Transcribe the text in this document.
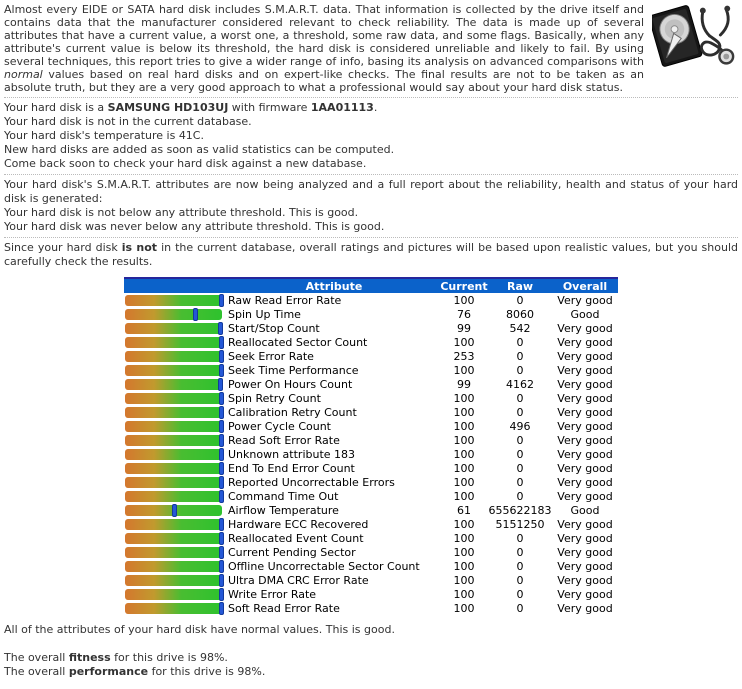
Almost every EIDE or SATA hard disk includes S.M.A.R.T. data. That information is collected by the drive itself and contains data that the manufacturer considered relevant to check reliability. The data is made up of several attributes that have a current value, a worst one, a threshold, some raw data, and some flags. Basically, when any attribute's current value is below its threshold, the hard disk is considered unreliable and likely to fail. By using several techniques, this report tries to give a wider range of info, basing its analysis on advanced comparisons with normal values based on real hard disks and on expert-like checks. The final results are not to be taken as an absolute truth, but they are a very good approach to what a professional would say about your hard disk status.

Your hard disk is a SAMSUNG HD103UJ with firmware 1AA01113.

Your hard disk is not in the current database.

Your hard disk's temperature is 41C.

New hard disks are added as soon as valid statistics can be computed.

Come back soon to check your hard disk against a new database.

Your hard disk's S.M.A.R.T. attributes are now being analyzed and a full report about the reliability, health and status of your hard disk is generated:

Your hard disk is not below any attribute threshold. This is good.

Your hard disk was never below any attribute threshold. This is good.

Since your hard disk is not in the current database, overall ratings and pictures will be based upon realistic values, but you should carefully check the results.

	Attribute	Current	Raw	Overall

	Raw Read Error Rate	100	0	Very good

	Spin Up Time	76	8060	Good

	Start/Stop Count	99	542	Very good

	Reallocated Sector Count	100	0	Very good

	Seek Error Rate	253	0	Very good

	Seek Time Performance	100	0	Very good

	Power On Hours Count	99	4162	Very good

	Spin Retry Count	100	0	Very good

	Calibration Retry Count	100	0	Very good

	Power Cycle Count	100	496	Very good

	Read Soft Error Rate	100	0	Very good

	Unknown attribute 183	100	0	Very good

	End To End Error Count	100	0	Very good

	Reported Uncorrectable Errors	100	0	Very good

	Command Time Out	100	0	Very good

	Airflow Temperature	61	655622183	Good

	Hardware ECC Recovered	100	5151250	Very good

	Reallocated Event Count	100	0	Very good

	Current Pending Sector	100	0	Very good

	Offline Uncorrectable Sector Count	100	0	Very good

	Ultra DMA CRC Error Rate	100	0	Very good

	Write Error Rate	100	0	Very good

	Soft Read Error Rate	100	0	Very good

All of the attributes of your hard disk have normal values. This is good.

The overall fitness for this drive is 98%.

The overall performance for this drive is 98%.
